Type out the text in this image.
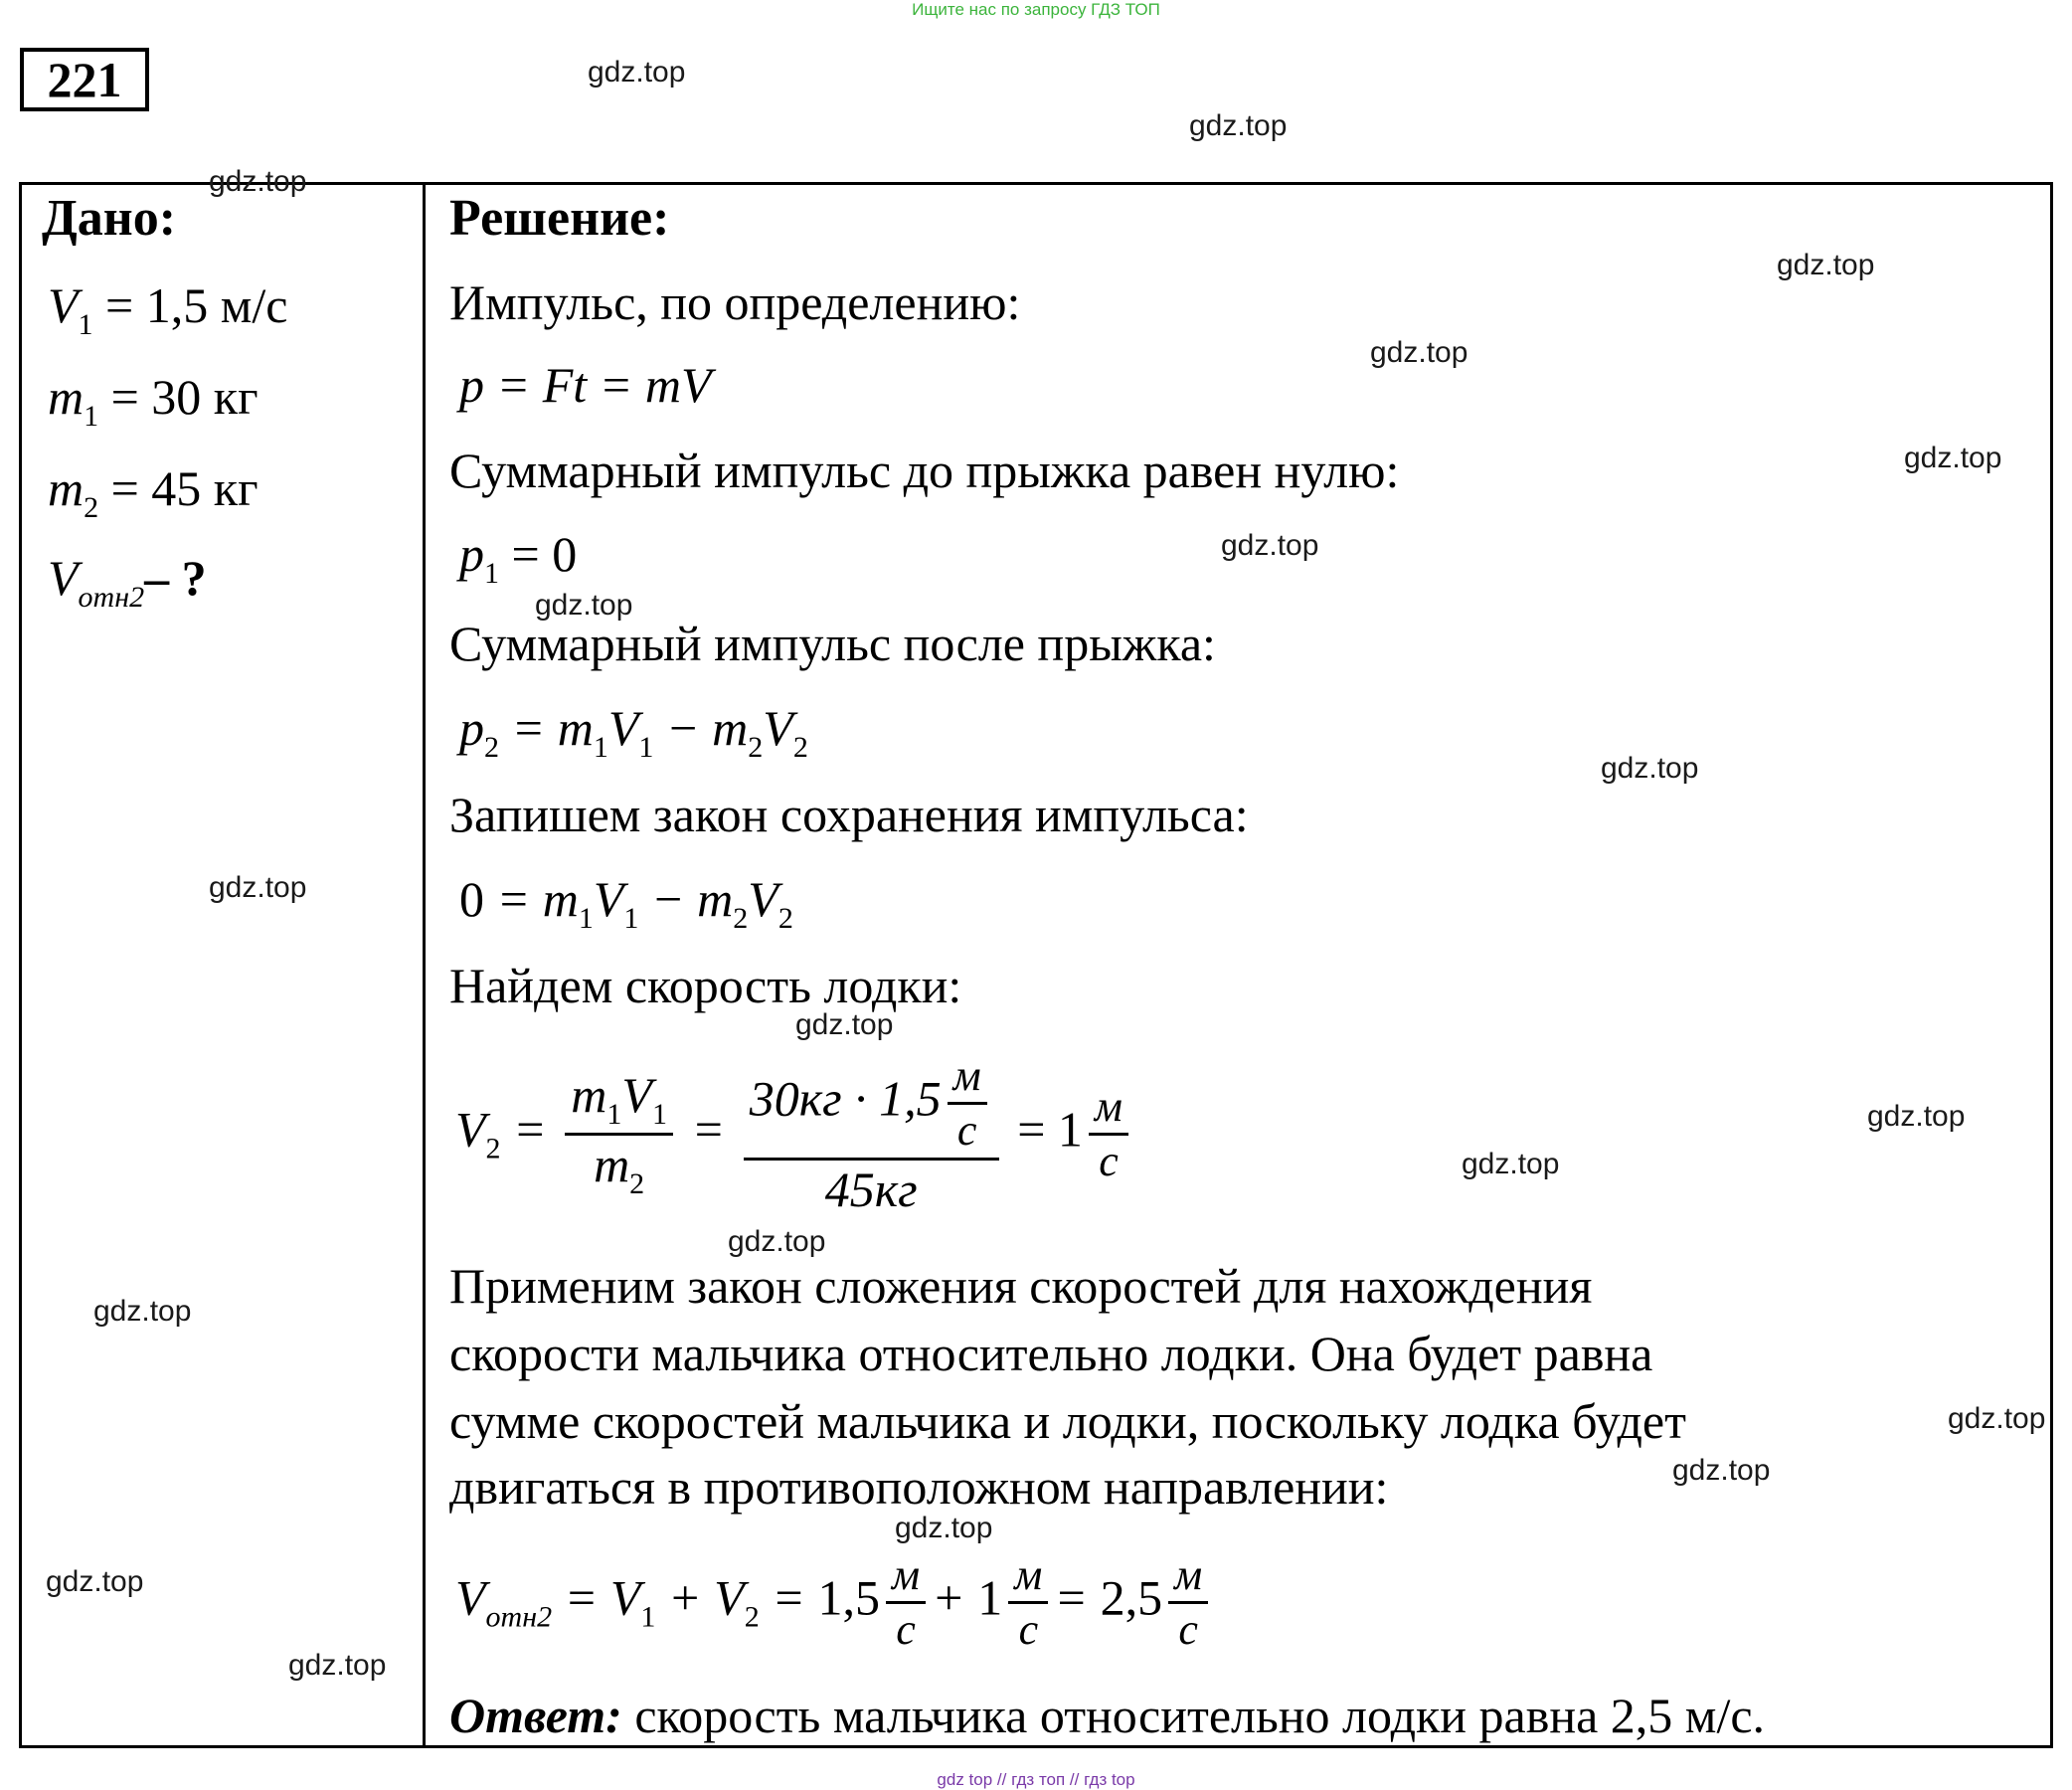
Ищите нас по запросу ГДЗ ТОП
221
Дано:
$V_1 = 1,5$ м/с
$m_1 = 30$ кг
$m_2 = 45$ кг
$V_{отн2}-$ ?
Решение:
Импульс, по определению:
p = Ft = mV
Суммарный импульс до прыжка равен нулю:
$p_1 = 0$
Суммарный импульс после прыжка:
$p_2 = m_1V_1 - m_2V_2$
Запишем закон сохранения импульса:
$0 = m_1V_1 - m_2V_2$
Найдем скорость лодки:
$V_2 = \frac{m_1V_1}{m_2} = \frac{30кг \cdot 1,5 \frac{м}{с}}{45кг} = 1 \frac{м}{с}$
Применим закон сложения скоростей для нахождения
скорости мальчика относительно лодки. Она будет равна
сумме скоростей мальчика и лодки, поскольку лодка будет
двигаться в противоположном направлении:
$V_{отн2} = V_1 + V_2 = 1,5 \frac{м}{с} + 1 \frac{м}{с} = 2,5 \frac{м}{с}$
Ответ: скорость мальчика относительно лодки равна 2,5 м/с.
gdz.top
gdz.top
gdz.top
gdz.top
gdz.top
gdz.top
gdz.top
gdz.top
gdz.top
gdz.top
gdz.top
gdz.top
gdz.top
gdz.top
gdz.top
gdz.top
gdz.top
gdz.top
gdz.top
gdz.top
gdz top // гдз топ // гдз top
